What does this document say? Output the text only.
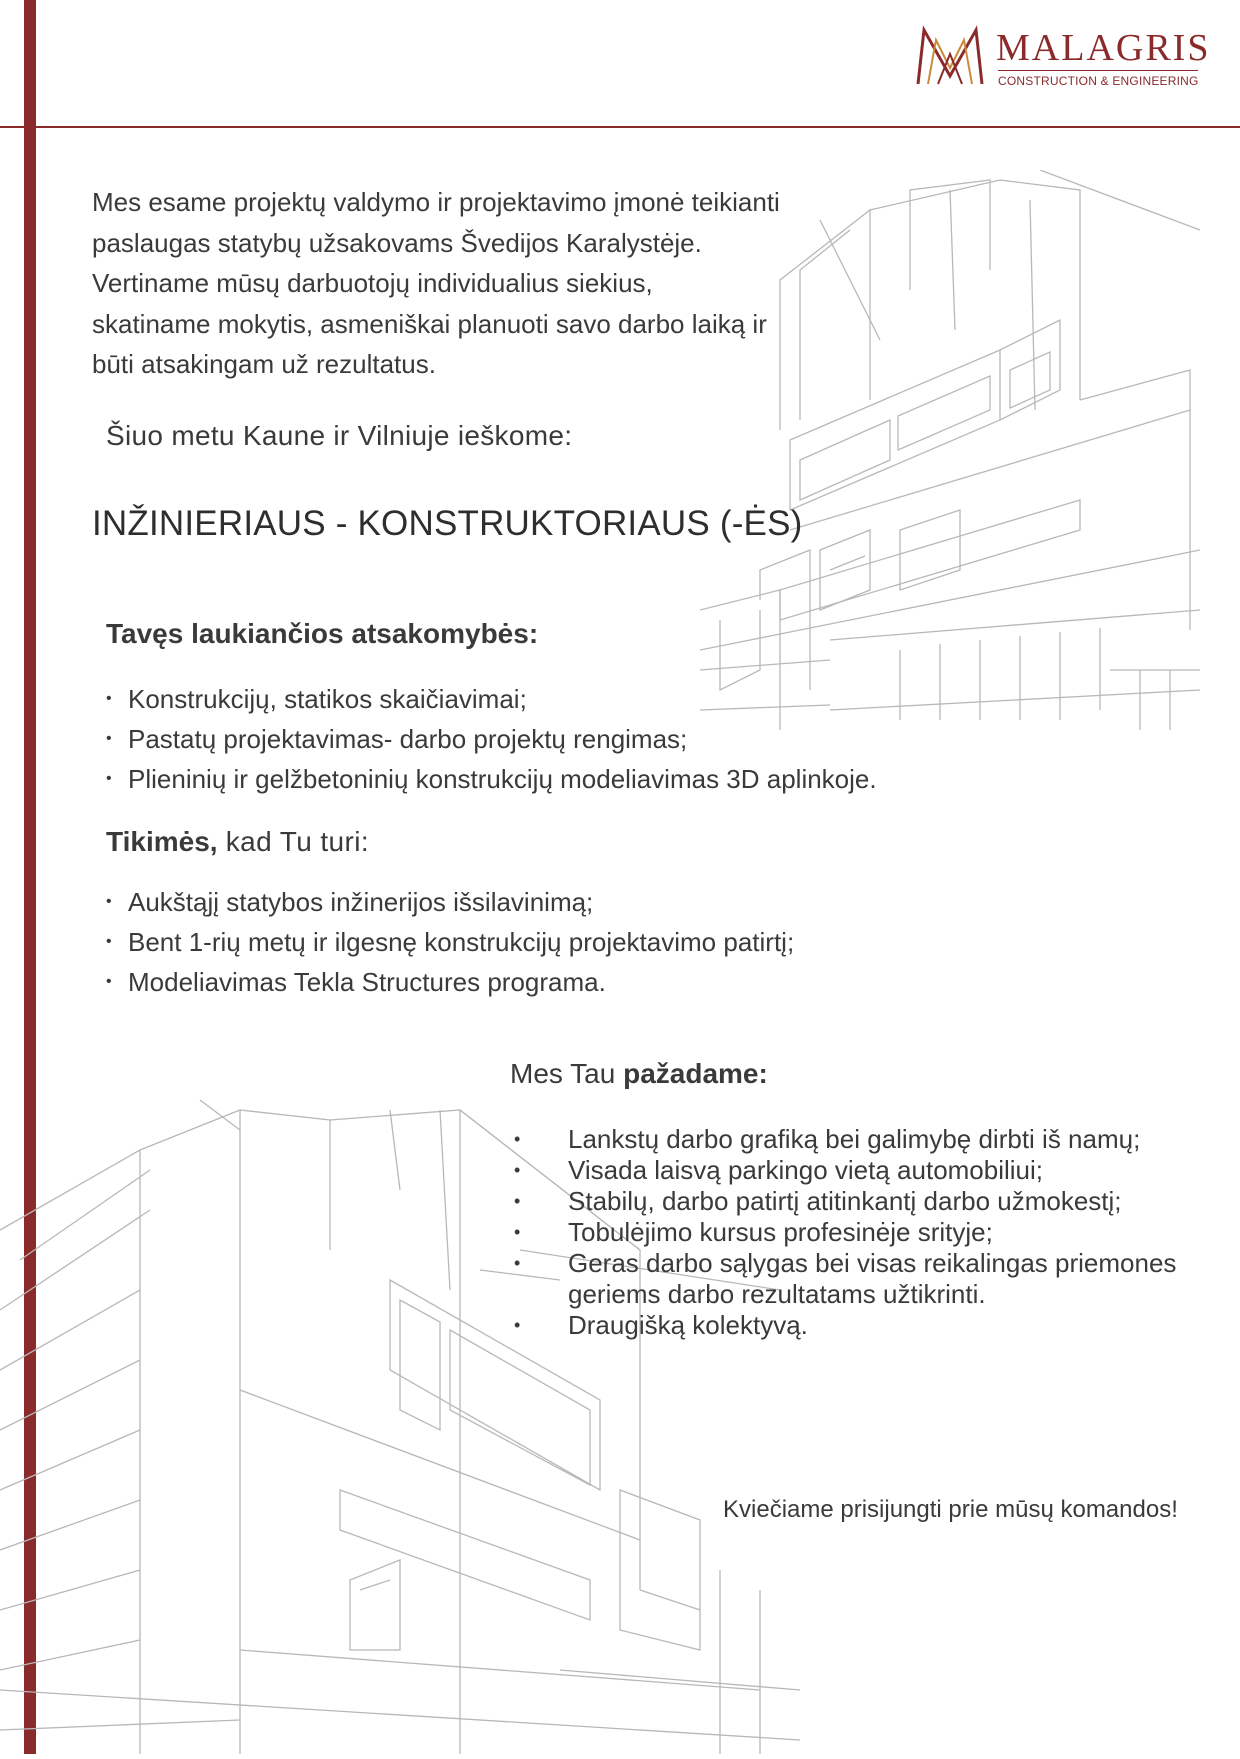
MALAGRIS
CONSTRUCTION & ENGINEERING
Mes esame projektų valdymo ir projektavimo įmonė teikianti
paslaugas statybų užsakovams Švedijos Karalystėje.
Vertiname mūsų darbuotojų individualius siekius,
skatiname mokytis, asmeniškai planuoti savo darbo laiką ir
būti atsakingam už rezultatus.
Šiuo metu Kaune ir Vilniuje ieškome:
INŽINIERIAUS - KONSTRUKTORIAUS (-ĖS)
Tavęs laukiančios atsakomybės:
• Konstrukcijų, statikos skaičiavimai;
• Pastatų projektavimas- darbo projektų rengimas;
• Plieninių ir gelžbetoninių konstrukcijų modeliavimas 3D aplinkoje.
Tikimės, kad Tu turi:
• Aukštąjį statybos inžinerijos išsilavinimą;
• Bent 1-rių metų ir ilgesnę konstrukcijų projektavimo patirtį;
• Modeliavimas Tekla Structures programa.
Mes Tau pažadame:
• Lankstų darbo grafiką bei galimybę dirbti iš namų;
• Visada laisvą parkingo vietą automobiliui;
• Stabilų, darbo patirtį atitinkantį darbo užmokestį;
• Tobulėjimo kursus profesinėje srityje;
• Geras darbo sąlygas bei visas reikalingas priemones geriems darbo rezultatams užtikrinti.
• Draugišką kolektyvą.
Kviečiame prisijungti prie mūsų komandos!
